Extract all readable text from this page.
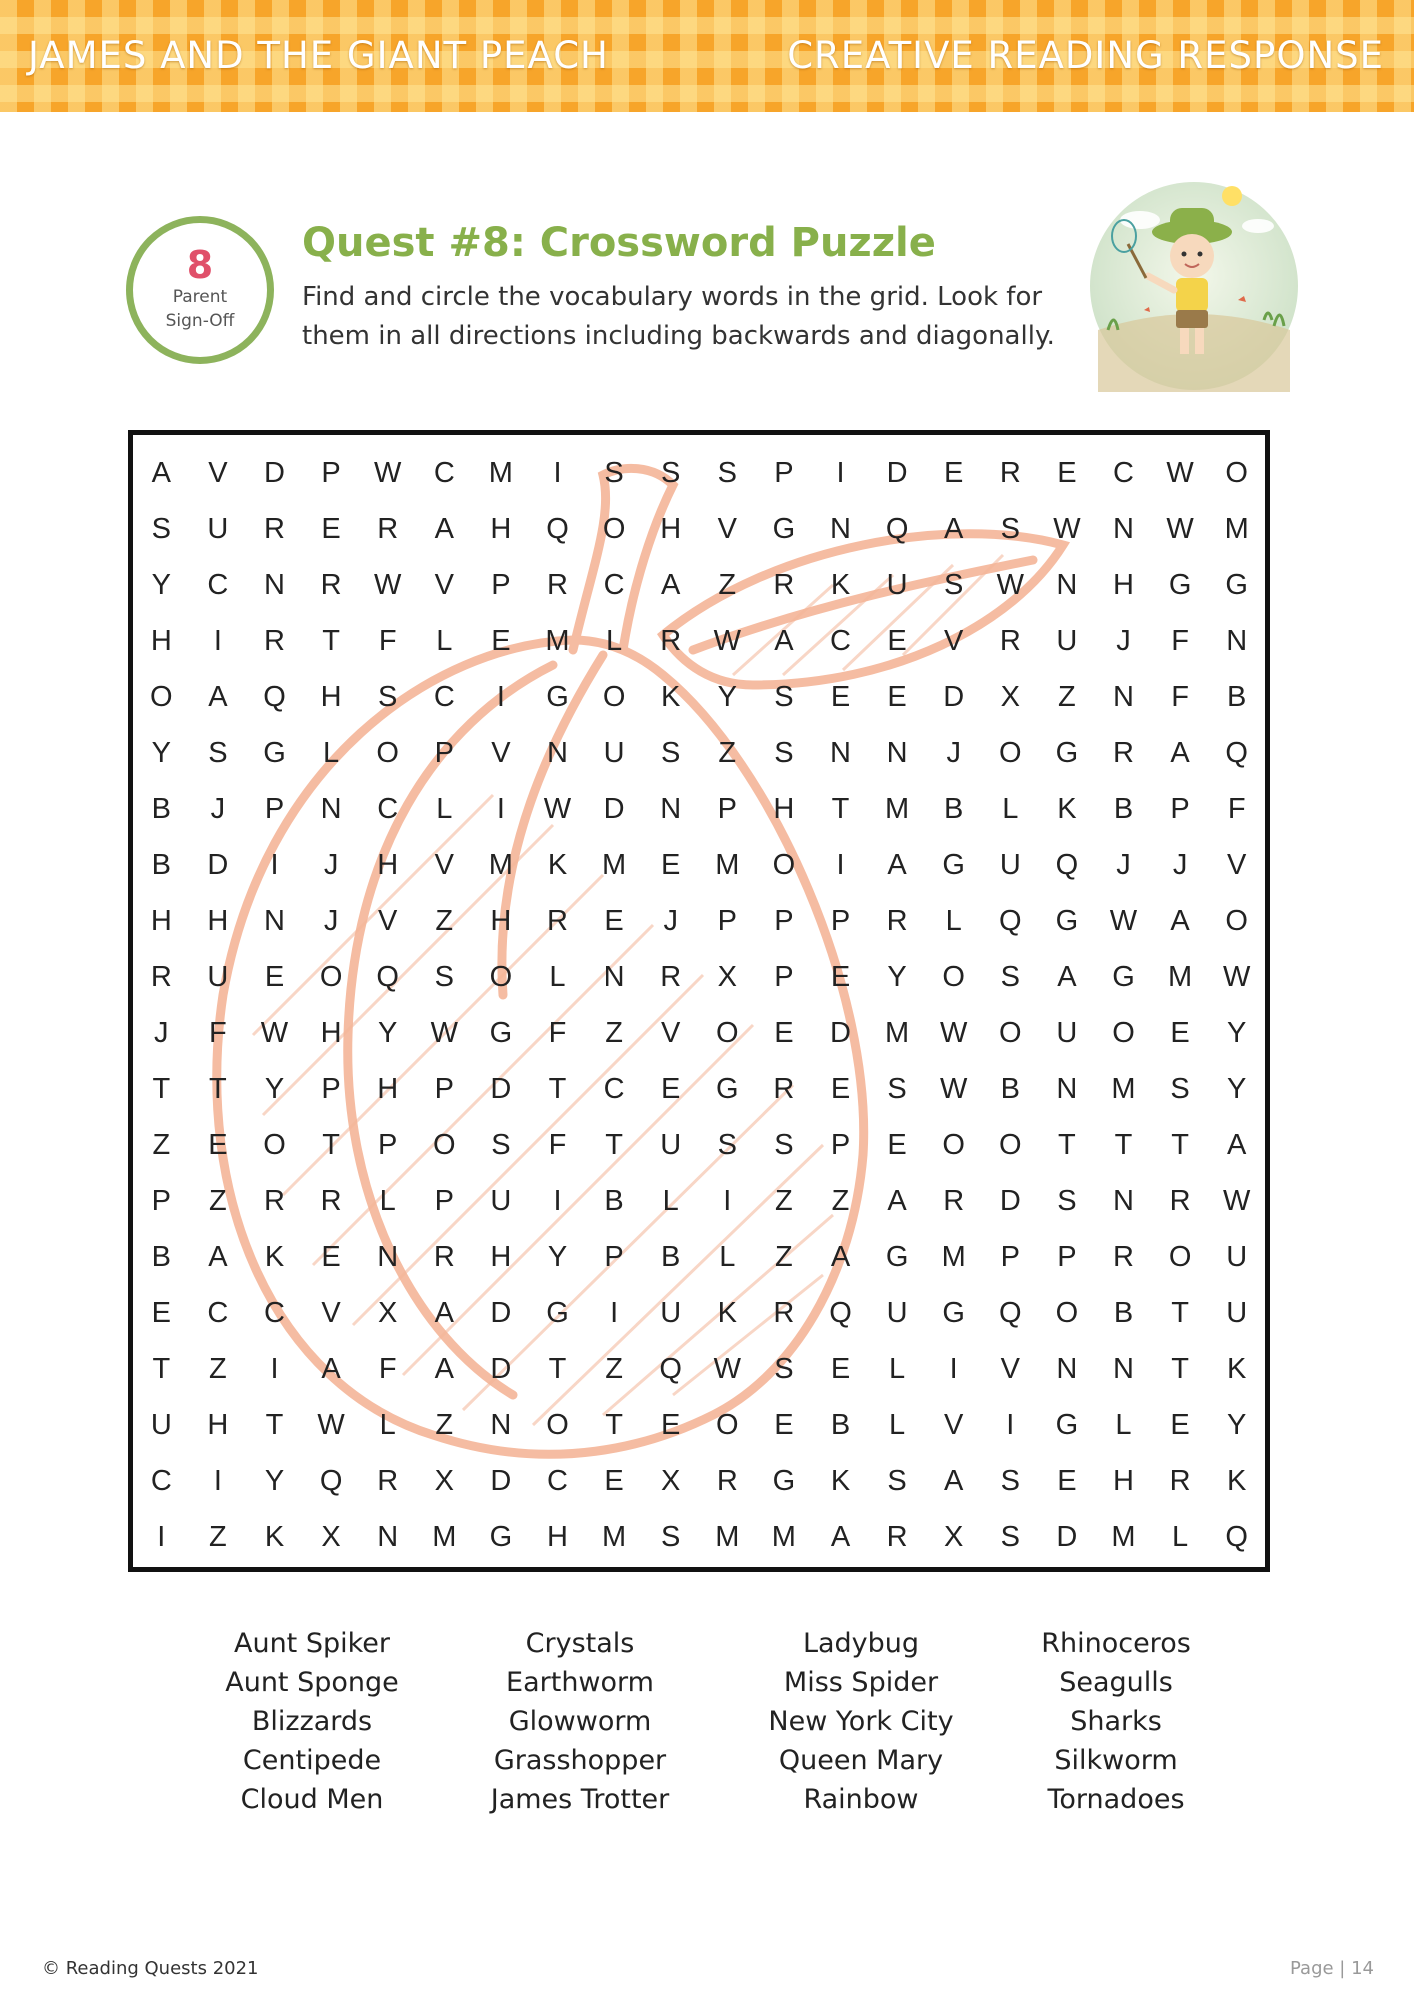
JAMES AND THE GIANT PEACH	CREATIVE READING RESPONSE
8
Parent
Sign-Off
Quest #8: Crossword Puzzle
Find and circle the vocabulary words in the grid. Look for them in all directions including backwards and diagonally.
A	V	D	P	W	C	M	I	S	S	S	P	I	D	E	R	E	C	W	O
S	U	R	E	R	A	H	Q	O	H	V	G	N	Q	A	S	W	N	W	M
Y	C	N	R	W	V	P	R	C	A	Z	R	K	U	S	W	N	H	G	G
H	I	R	T	F	L	E	M	L	R	W	A	C	E	V	R	U	J	F	N
O	A	Q	H	S	C	I	G	O	K	Y	S	E	E	D	X	Z	N	F	B
Y	S	G	L	O	P	V	N	U	S	Z	S	N	N	J	O	G	R	A	Q
B	J	P	N	C	L	I	W	D	N	P	H	T	M	B	L	K	B	P	F
B	D	I	J	H	V	M	K	M	E	M	O	I	A	G	U	Q	J	J	V
H	H	N	J	V	Z	H	R	E	J	P	P	P	R	L	Q	G	W	A	O
R	U	E	O	Q	S	O	L	N	R	X	P	E	Y	O	S	A	G	M	W
J	F	W	H	Y	W	G	F	Z	V	O	E	D	M	W	O	U	O	E	Y
T	T	Y	P	H	P	D	T	C	E	G	R	E	S	W	B	N	M	S	Y
Z	E	O	T	P	O	S	F	T	U	S	S	P	E	O	O	T	T	T	A
P	Z	R	R	L	P	U	I	B	L	I	Z	Z	A	R	D	S	N	R	W
B	A	K	E	N	R	H	Y	P	B	L	Z	A	G	M	P	P	R	O	U
E	C	C	V	X	A	D	G	I	U	K	R	Q	U	G	Q	O	B	T	U
T	Z	I	A	F	A	D	T	Z	Q	W	S	E	L	I	V	N	N	T	K
U	H	T	W	L	Z	N	O	T	E	O	E	B	L	V	I	G	L	E	Y
C	I	Y	Q	R	X	D	C	E	X	R	G	K	S	A	S	E	H	R	K
I	Z	K	X	N	M	G	H	M	S	M	M	A	R	X	S	D	M	L	Q
Aunt Spiker
Aunt Sponge
Blizzards
Centipede
Cloud Men
Crystals
Earthworm
Glowworm
Grasshopper
James Trotter
Ladybug
Miss Spider
New York City
Queen Mary
Rainbow
Rhinoceros
Seagulls
Sharks
Silkworm
Tornadoes
© Reading Quests 2021	Page | 14
